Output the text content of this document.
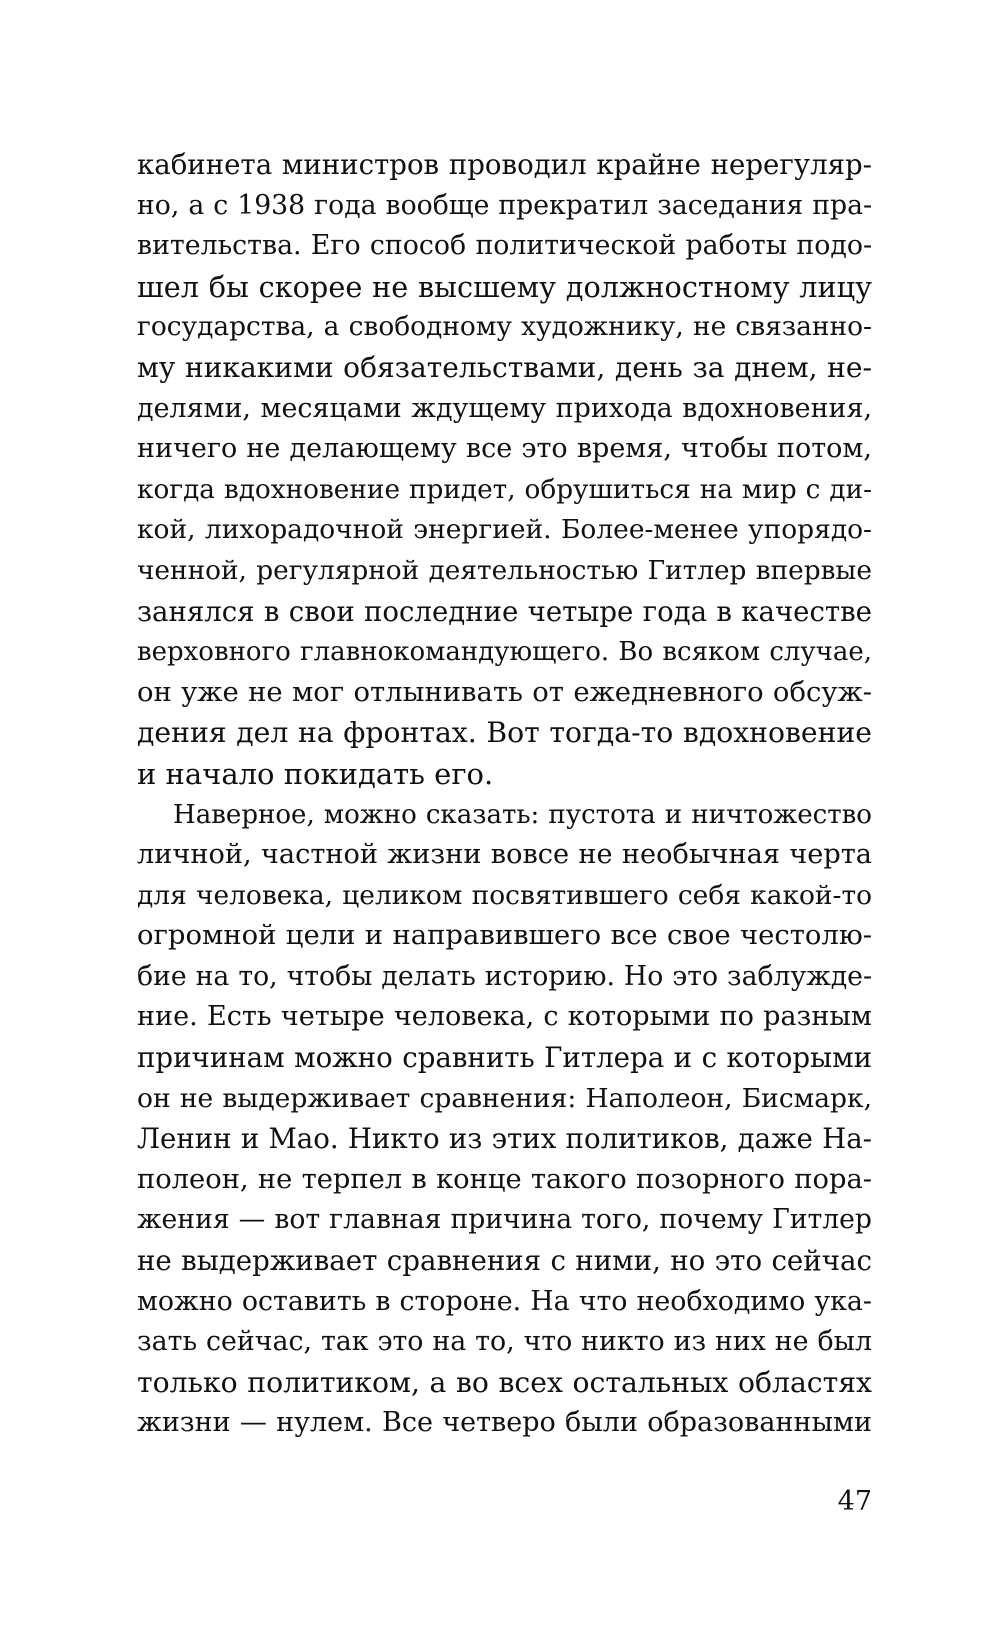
кабинета министров проводил крайне нерегуляр-
но, а с 1938 года вообще прекратил заседания пра-
вительства. Его способ политической работы подо-
шел бы скорее не высшему должностному лицу
государства, а свободному художнику, не связанно-
му никакими обязательствами, день за днем, не-
делями, месяцами ждущему прихода вдохновения,
ничего не делающему все это время, чтобы потом,
когда вдохновение придет, обрушиться на мир с ди-
кой, лихорадочной энергией. Более-менее упорядо-
ченной, регулярной деятельностью Гитлер впервые
занялся в свои последние четыре года в качестве
верховного главнокомандующего. Во всяком случае,
он уже не мог отлынивать от ежедневного обсуж-
дения дел на фронтах. Вот тогда-то вдохновение
и начало покидать его.
Наверное, можно сказать: пустота и ничтожество
личной, частной жизни вовсе не необычная черта
для человека, целиком посвятившего себя какой-то
огромной цели и направившего все свое честолю-
бие на то, чтобы делать историю. Но это заблужде-
ние. Есть четыре человека, с которыми по разным
причинам можно сравнить Гитлера и с которыми
он не выдерживает сравнения: Наполеон, Бисмарк,
Ленин и Мао. Никто из этих политиков, даже На-
полеон, не терпел в конце такого позорного пора-
жения — вот главная причина того, почему Гитлер
не выдерживает сравнения с ними, но это сейчас
можно оставить в стороне. На что необходимо ука-
зать сейчас, так это на то, что никто из них не был
только политиком, а во всех остальных областях
жизни — нулем. Все четверо были образованными
47
